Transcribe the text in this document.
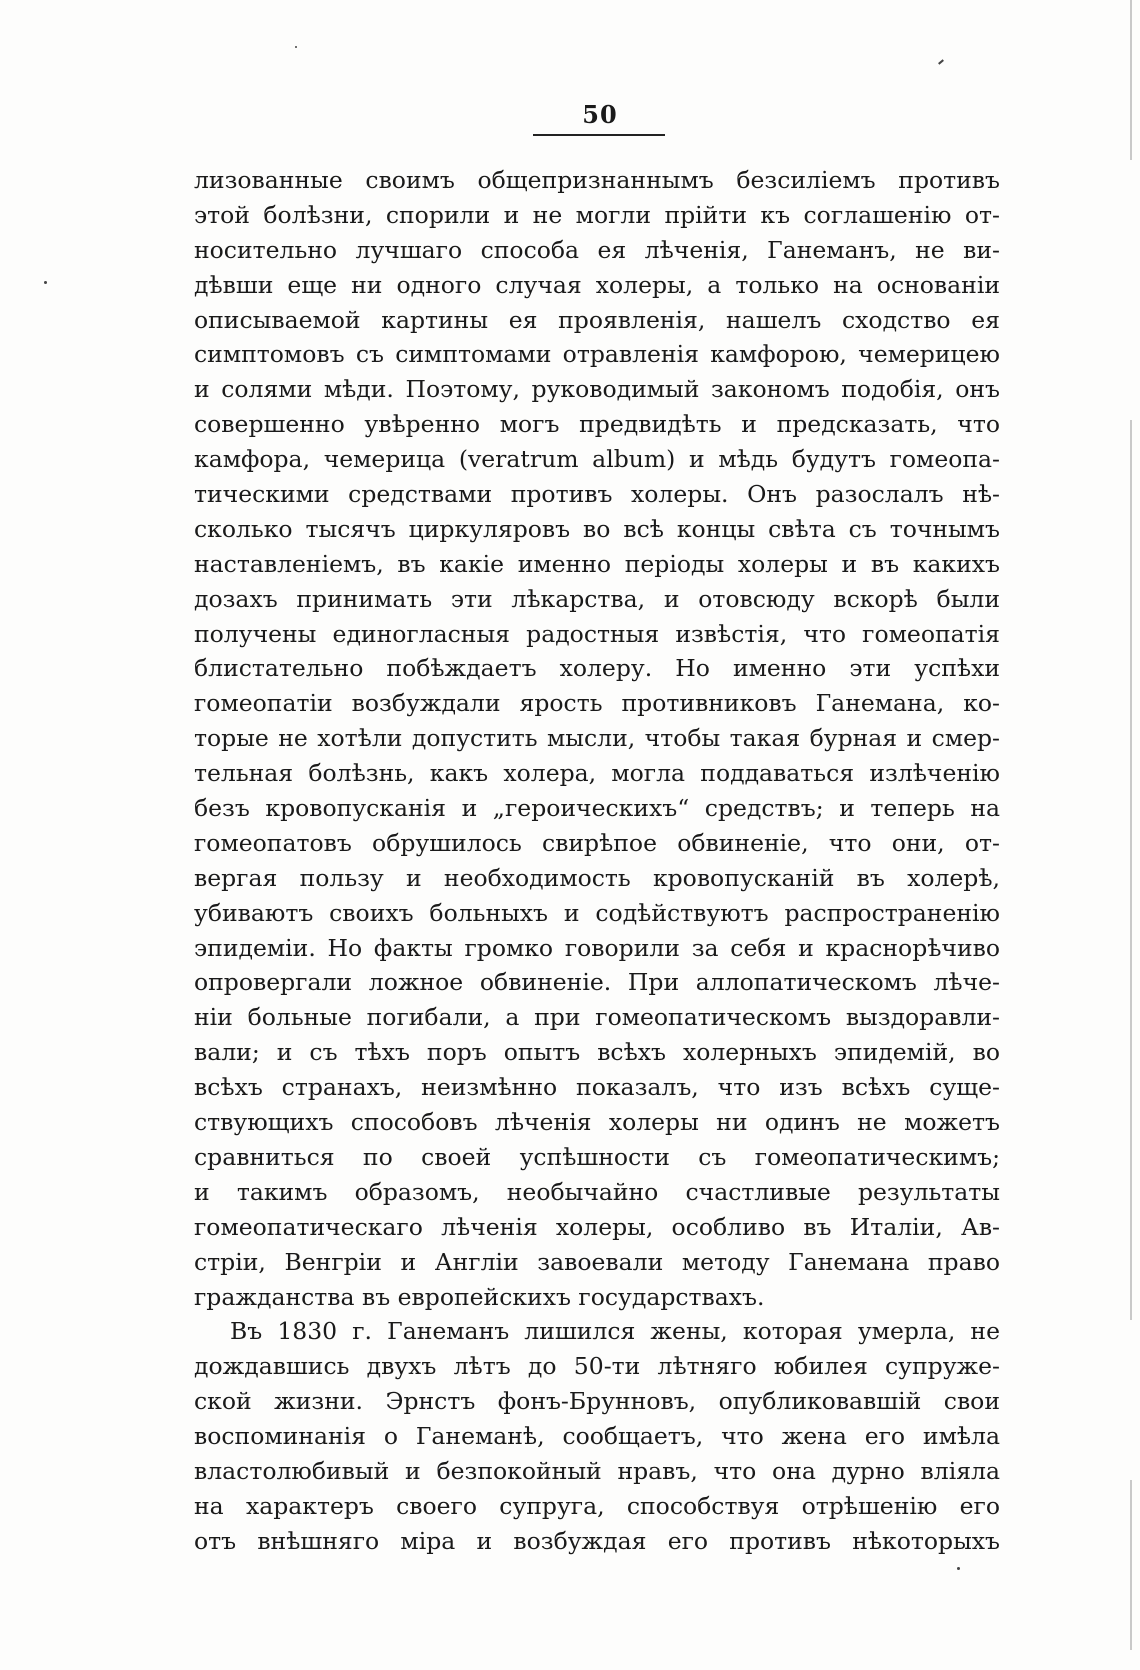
50
лизованные своимъ общепризнаннымъ безсиліемъ противъ
этой болѣзни, спорили и не могли прійти къ соглашенію от-
носительно лучшаго способа ея лѣченія, Ганеманъ, не ви-
дѣвши еще ни одного случая холеры, а только на основаніи
описываемой картины ея проявленія, нашелъ сходство ея
симптомовъ съ симптомами отравленія камфорою, чемерицею
и солями мѣди. Поэтому, руководимый закономъ подобія, онъ
совершенно увѣренно могъ предвидѣть и предсказать, что
камфора, чемерица (veratrum album) и мѣдь будутъ гомеопа-
тическими средствами противъ холеры. Онъ разослалъ нѣ-
сколько тысячъ циркуляровъ во всѣ концы свѣта съ точнымъ
наставленіемъ, въ какіе именно періоды холеры и въ какихъ
дозахъ принимать эти лѣкарства, и отовсюду вскорѣ были
получены единогласныя радостныя извѣстія, что гомеопатія
блистательно побѣждаетъ холеру. Но именно эти успѣхи
гомеопатіи возбуждали ярость противниковъ Ганемана, ко-
торые не хотѣли допустить мысли, чтобы такая бурная и смер-
тельная болѣзнь, какъ холера, могла поддаваться излѣченію
безъ кровопусканія и „героическихъ“ средствъ; и теперь на
гомеопатовъ обрушилось свирѣпое обвиненіе, что они, от-
вергая пользу и необходимость кровопусканій въ холерѣ,
убиваютъ своихъ больныхъ и содѣйствуютъ распространенію
эпидеміи. Но факты громко говорили за себя и краснорѣчиво
опровергали ложное обвиненіе. При аллопатическомъ лѣче-
ніи больные погибали, а при гомеопатическомъ выздоравли-
вали; и съ тѣхъ поръ опытъ всѣхъ холерныхъ эпидемій, во
всѣхъ странахъ, неизмѣнно показалъ, что изъ всѣхъ суще-
ствующихъ способовъ лѣченія холеры ни одинъ не можетъ
сравниться по своей успѣшности съ гомеопатическимъ;
и такимъ образомъ, необычайно счастливые результаты
гомеопатическаго лѣченія холеры, особливо въ Италіи, Ав-
стріи, Венгріи и Англіи завоевали методу Ганемана право
гражданства въ европейскихъ государствахъ.
Въ 1830 г. Ганеманъ лишился жены, которая умерла, не
дождавшись двухъ лѣтъ до 50-ти лѣтняго юбилея супруже-
ской жизни. Эрнстъ фонъ-Брунновъ, опубликовавшій свои
воспоминанія о Ганеманѣ, сообщаетъ, что жена его имѣла
властолюбивый и безпокойный нравъ, что она дурно вліяла
на характеръ своего супруга, способствуя отрѣшенію его
отъ внѣшняго міра и возбуждая его противъ нѣкоторыхъ
